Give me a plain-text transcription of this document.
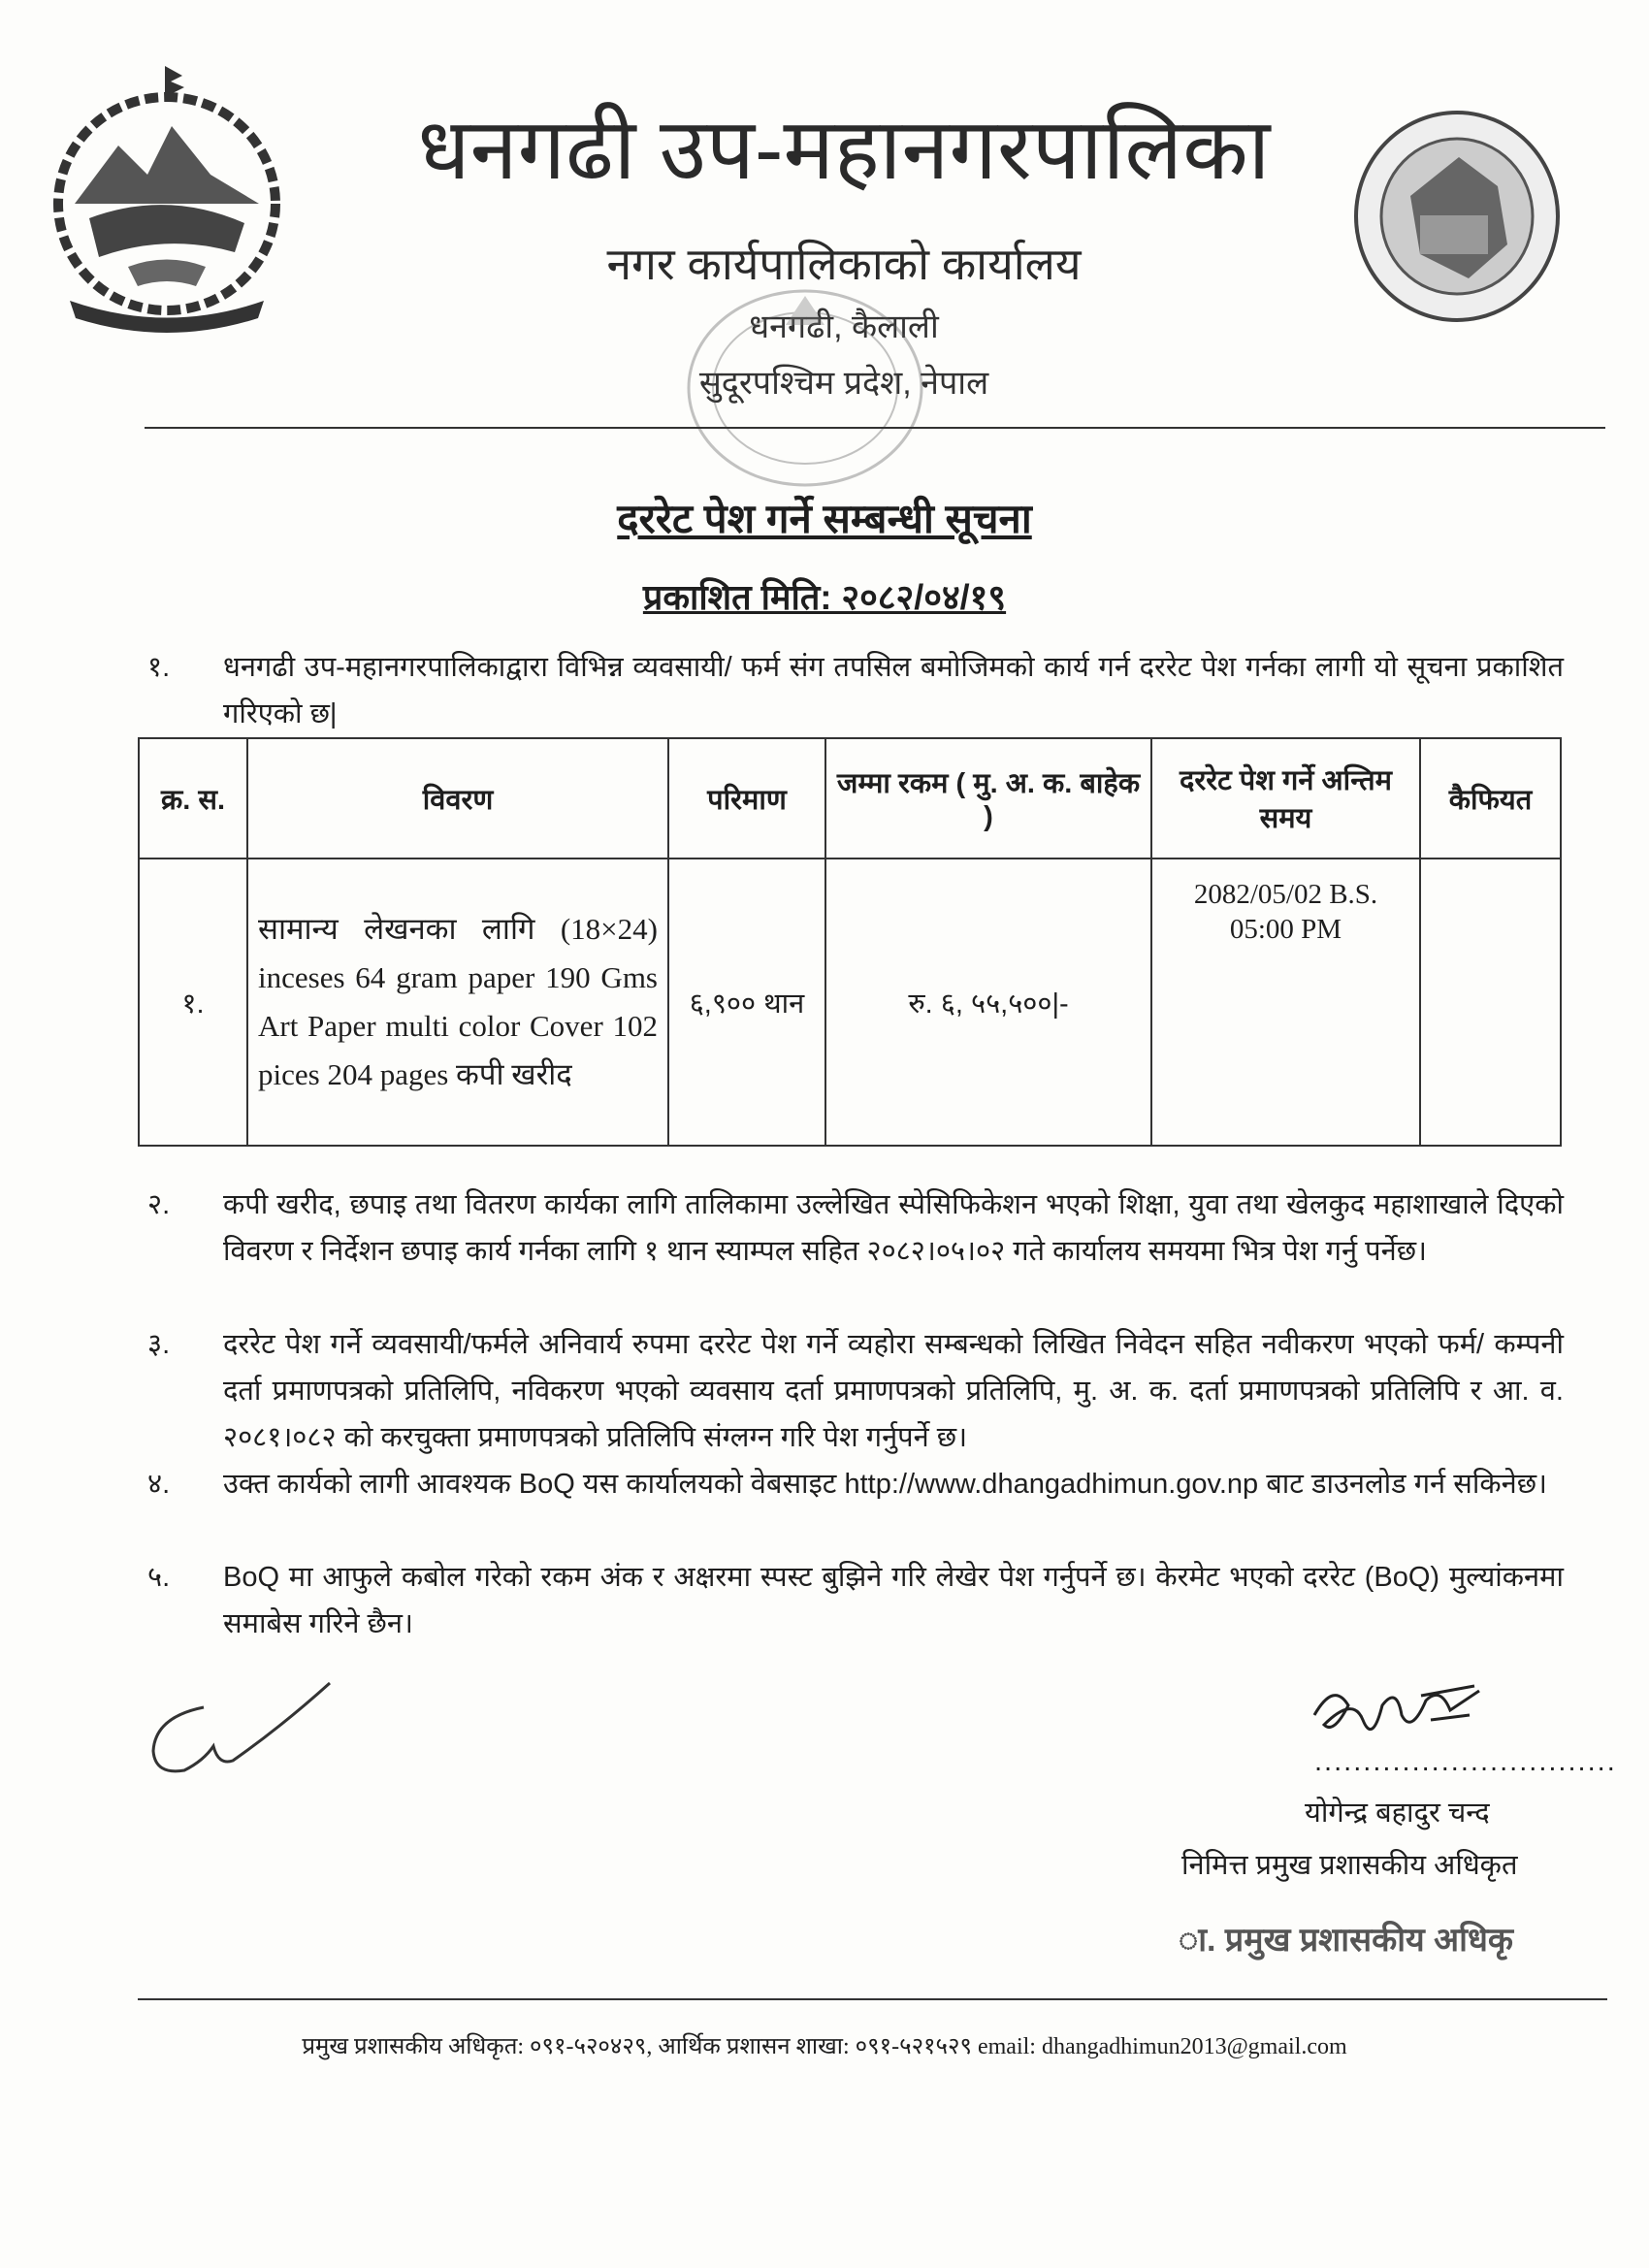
धनगढी उप-महानगरपालिका
नगर कार्यपालिकाको कार्यालय
धनगढी, कैलाली
सुदूरपश्चिम प्रदेश, नेपाल
दररेट पेश गर्ने सम्बन्धी सूचना
प्रकाशित मिति: २०८२/०४/१९
१. धनगढी उप-महानगरपालिकाद्वारा विभिन्न व्यवसायी/ फर्म संग तपसिल बमोजिमको कार्य गर्न दररेट पेश गर्नका लागी यो सूचना प्रकाशित गरिएको छ|
क्र. स.	विवरण	परिमाण	जम्मा रकम ( मु. अ. क. बाहेक )	दररेट पेश गर्ने अन्तिम समय	कैफियत
१.	सामान्य लेखनका लागि (18×24) inceses 64 gram paper 190 Gms Art Paper multi color Cover 102 pices 204 pages कपी खरीद	६,९०० थान	रु. ६, ५५,५००|-	2082/05/02 B.S.
05:00 PM	

२. कपी खरीद, छपाइ तथा वितरण कार्यका लागि तालिकामा उल्लेखित स्पेसिफिकेशन भएको शिक्षा, युवा तथा खेलकुद महाशाखाले दिएको विवरण र निर्देशन छपाइ कार्य गर्नका लागि १ थान स्याम्पल सहित २०८२।०५।०२ गते कार्यालय समयमा भित्र पेश गर्नु पर्नेछ।
३. दररेट पेश गर्ने व्यवसायी/फर्मले अनिवार्य रुपमा दररेट पेश गर्ने व्यहोरा सम्बन्धको लिखित निवेदन सहित नवीकरण भएको फर्म/ कम्पनी दर्ता प्रमाणपत्रको प्रतिलिपि, नविकरण भएको व्यवसाय दर्ता प्रमाणपत्रको प्रतिलिपि, मु. अ. क. दर्ता प्रमाणपत्रको प्रतिलिपि र आ. व. २०८१।०८२ को करचुक्ता प्रमाणपत्रको प्रतिलिपि संग्लग्न गरि पेश गर्नुपर्ने छ।
४. उक्त कार्यको लागी आवश्यक BoQ यस कार्यालयको वेबसाइट http://www.dhangadhimun.gov.np बाट डाउनलोड गर्न सकिनेछ।
५. BoQ मा आफुले कबोल गरेको रकम अंक र अक्षरमा स्पस्ट बुझिने गरि लेखेर पेश गर्नुपर्ने छ। केरमेट भएको दररेट (BoQ) मुल्यांकनमा समाबेस गरिने छैन।
...............................
योगेन्द्र बहादुर चन्द
निमित्त प्रमुख प्रशासकीय अधिकृत
ा. प्रमुख प्रशासकीय अधिकृ
प्रमुख प्रशासकीय अधिकृत: ०९१-५२०४२९, आर्थिक प्रशासन शाखा: ०९१-५२१५२९ email: dhangadhimun2013@gmail.com
